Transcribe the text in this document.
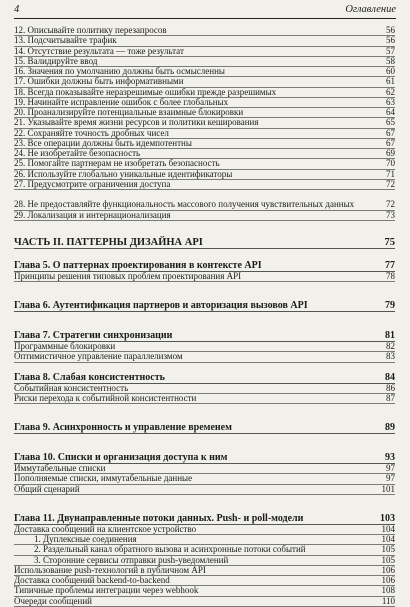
4	Оглавление
12. Описывайте политику перезапросов	56
13. Подсчитывайте трафик	56
14. Отсутствие результата — тоже результат	57
15. Валидируйте ввод	58
16. Значения по умолчанию должны быть осмысленны	60
17. Ошибки должны быть информативными	61
18. Всегда показывайте неразрешимые ошибки прежде разрешимых	62
19. Начинайте исправление ошибок с более глобальных	63
20. Проанализируйте потенциальные взаимные блокировки	64
21. Указывайте время жизни ресурсов и политики кеширования	65
22. Сохраняйте точность дробных чисел	67
23. Все операции должны быть идемпотентны	67
24. Не изобретайте безопасность	69
25. Помогайте партнерам не изобретать безопасность	70
26. Используйте глобально уникальные идентификаторы	71
27. Предусмотрите ограничения доступа	72
28. Не предоставляйте функциональность массового получения чувствительных данных	72
29. Локализация и интернационализация	73
ЧАСТЬ II. ПАТТЕРНЫ ДИЗАЙНА API	75
Глава 5. О паттернах проектирования в контексте API	77
Принципы решения типовых проблем проектирования API	78
Глава 6. Аутентификация партнеров и авторизация вызовов API	79
Глава 7. Стратегии синхронизации	81
Программные блокировки	82
Оптимистичное управление параллелизмом	83
Глава 8. Слабая консистентность	84
Событийная консистентность	86
Риски перехода к событийной консистентности	87
Глава 9. Асинхронность и управление временем	89
Глава 10. Списки и организация доступа к ним	93
Иммутабельные списки	97
Пополняемые списки, иммутабельные данные	97
Общий сценарий	101
Глава 11. Двунаправленные потоки данных. Push- и poll-модели	103
Доставка сообщений на клиентское устройство	104
1. Дуплексные соединения	104
2. Раздельный канал обратного вызова и асинхронные потоки событий	105
3. Сторонние сервисы отправки push-уведомлений	105
Использование push-технологий в публичном API	106
Доставка сообщений backend-to-backend	106
Типичные проблемы интеграции через webhook	108
Очереди сообщений	110
